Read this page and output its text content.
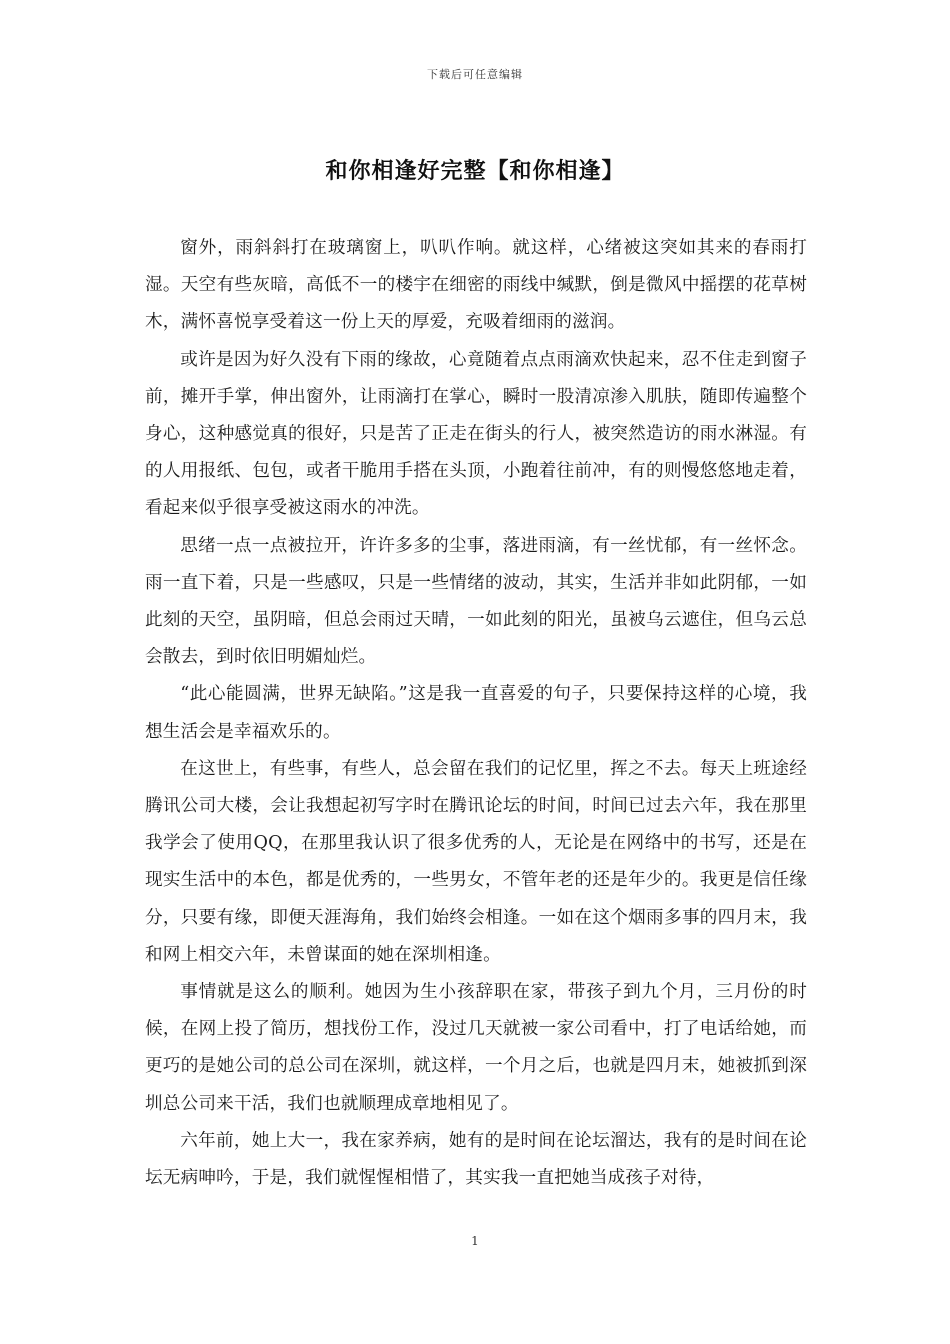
下载后可任意编辑
和你相逢好完整【和你相逢】

窗外，雨斜斜打在玻璃窗上，叭叭作响。就这样，心绪被这突如其来的春雨打湿。天空有些灰暗，高低不一的楼宇在细密的雨线中缄默，倒是微风中摇摆的花草树木，满怀喜悦享受着这一份上天的厚爱，充吸着细雨的滋润。

或许是因为好久没有下雨的缘故，心竟随着点点雨滴欢快起来，忍不住走到窗子前，摊开手掌，伸出窗外，让雨滴打在掌心，瞬时一股清凉渗入肌肤，随即传遍整个身心，这种感觉真的很好，只是苦了正走在街头的行人，被突然造访的雨水淋湿。有的人用报纸、包包，或者干脆用手搭在头顶，小跑着往前冲，有的则慢悠悠地走着，看起来似乎很享受被这雨水的冲洗。

思绪一点一点被拉开，许许多多的尘事，落进雨滴，有一丝忧郁，有一丝怀念。雨一直下着，只是一些感叹，只是一些情绪的波动，其实，生活并非如此阴郁，一如此刻的天空，虽阴暗，但总会雨过天晴，一如此刻的阳光，虽被乌云遮住，但乌云总会散去，到时依旧明媚灿烂。

“此心能圆满，世界无缺陷。”这是我一直喜爱的句子，只要保持这样的心境，我想生活会是幸福欢乐的。

在这世上，有些事，有些人，总会留在我们的记忆里，挥之不去。每天上班途经腾讯公司大楼，会让我想起初写字时在腾讯论坛的时间，时间已过去六年，我在那里我学会了使用QQ，在那里我认识了很多优秀的人，无论是在网络中的书写，还是在现实生活中的本色，都是优秀的，一些男女，不管年老的还是年少的。我更是信任缘分，只要有缘，即便天涯海角，我们始终会相逢。一如在这个烟雨多事的四月末，我和网上相交六年，未曾谋面的她在深圳相逢。

事情就是这么的顺利。她因为生小孩辞职在家，带孩子到九个月，三月份的时候，在网上投了简历，想找份工作，没过几天就被一家公司看中，打了电话给她，而更巧的是她公司的总公司在深圳，就这样，一个月之后，也就是四月末，她被抓到深圳总公司来干活，我们也就顺理成章地相见了。

六年前，她上大一，我在家养病，她有的是时间在论坛溜达，我有的是时间在论坛无病呻吟，于是，我们就惺惺相惜了，其实我一直把她当成孩子对待，

1
